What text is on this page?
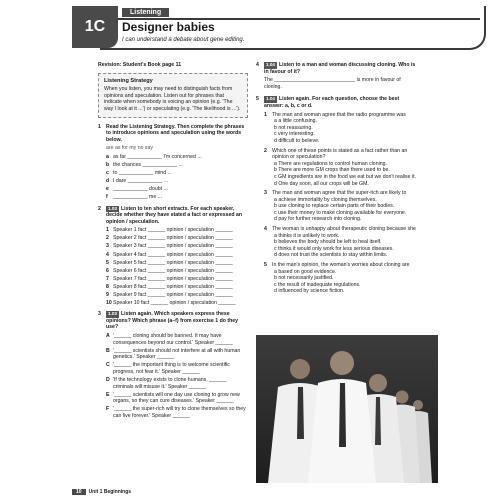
1C
Listening
Designer babies
I can understand a debate about gene editing.
Revision: Student's Book page 11
Listening Strategy
When you listen, you may need to distinguish facts from opinions and speculation. Listen out for phrases that indicate when somebody is voicing an opinion (e.g. 'The way I look at it ...') or speculating (e.g. 'The likelihood is ...').
1 Read the Listening Strategy. Then complete the phrases to introduce opinions and speculation using the words below.
are as for my no say
a as far ____________ I'm concerned ...
b the chances ____________ ...
c to ____________ mind ...
d I dare ____________ ...
e ____________ doubt ...
f ____________ me ...
2	1.03 Listen to ten short extracts. For each speaker, decide whether they have stated a fact or expressed an opinion / speculation.
1 Speaker 1 fact ______ opinion / speculation ______
2 Speaker 2 fact ______ opinion / speculation ______
3 Speaker 3 fact ______ opinion / speculation ______
4 Speaker 4 fact ______ opinion / speculation ______
5 Speaker 5 fact ______ opinion / speculation ______
6 Speaker 6 fact ______ opinion / speculation ______
7 Speaker 7 fact ______ opinion / speculation ______
8 Speaker 8 fact ______ opinion / speculation ______
9 Speaker 9 fact ______ opinion / speculation ______
10Speaker 10 fact ______ opinion / speculation ______
3	1.03 Listen again. Which speakers express these opinions? Which phrase (a–f) from exercise 1 do they use?
A '______ cloning should be banned. It may have consequences beyond our control.' Speaker ______
B '______ scientists should not interfere at all with human genetics.' Speaker ______
C '______ the important thing is to welcome scientific progress, not fear it.' Speaker ______
D 'If the technology exists to clone humans, ______ criminals will misuse it.' Speaker ______
E '______ scientists will one day use cloning to grow new organs, so they can cure diseases.' Speaker ______
F '______ the super-rich will try to clone themselves so they can live forever.' Speaker ______
4	1.04 Listen to a man and woman discussing cloning. Who is in favour of it?
The ____________________________ is more in favour of cloning.
5	1.04 Listen again. For each question, choose the best answer: a, b, c or d.
1 The man and woman agree that the radio programme was
a a little confusing.
b not reassuring.
c very interesting.
d difficult to believe.
2 Which one of these points is stated as a fact rather than an opinion or speculation?
a There are regulations to control human cloning.
b There are more GM crops than there used to be.
c GM ingredients are in the food we eat but we don't realise it.
d One day soon, all our crops will be GM.
3 The man and woman agree that the super-rich are likely to
a achieve immortality by cloning themselves.
b use cloning to replace certain parts of their bodies.
c use their money to make cloning available for everyone.
d pay for further research into cloning.
4 The woman is unhappy about therapeutic cloning because she
a thinks it is unlikely to work.
b believes the body should be left to heal itself.
c thinks it would only work for less serious diseases.
d does not trust the scientists to stay within limits.
5 In the man's opinion, the woman's worries about cloning are
a based on good evidence.
b not necessarily justified.
c the result of inadequate regulations.
d influenced by science fiction.
10	Unit 1 Beginnings
